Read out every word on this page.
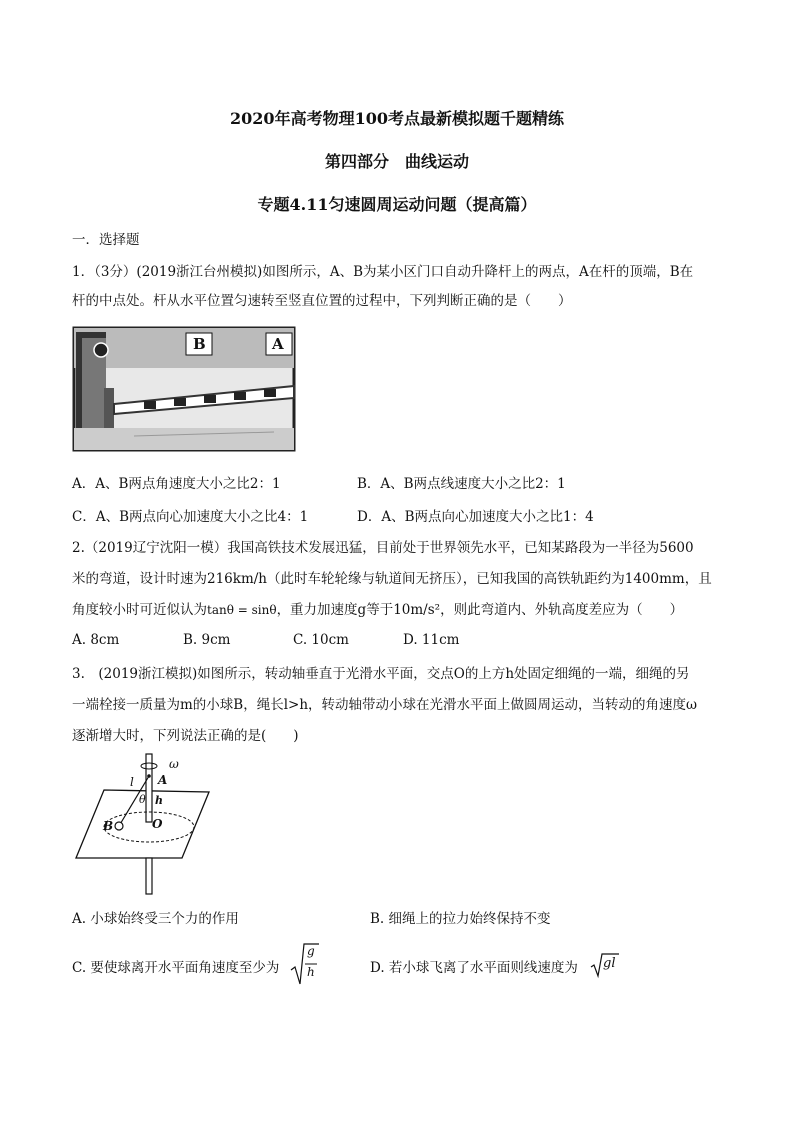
2020年高考物理100考点最新模拟题千题精练
第四部分　曲线运动
专题4.11匀速圆周运动问题（提高篇）
一．选择题
1．（3分）(2019浙江台州模拟)如图所示，A、B为某小区门口自动升降杆上的两点，A在杆的顶端，B在
杆的中点处。杆从水平位置匀速转至竖直位置的过程中，下列判断正确的是（　　）
B	A
A．A、B两点角速度大小之比2：1	B．A、B两点线速度大小之比2：1
C．A、B两点向心加速度大小之比4：1	D．A、B两点向心加速度大小之比1：4
2.（2019辽宁沈阳一模）我国高铁技术发展迅猛，目前处于世界领先水平，已知某路段为一半径为5600
米的弯道，设计时速为216km/h（此时车轮轮缘与轨道间无挤压），已知我国的高铁轨距约为1400mm，且
角度较小时可近似认为tanθ = sinθ，重力加速度g等于10m/s²，则此弯道内、外轨高度差应为（　　）
A. 8cm	B. 9cm	C. 10cm	D. 11cm
3.　(2019浙江模拟)如图所示，转动轴垂直于光滑水平面，交点O的上方h处固定细绳的一端，细绳的另
一端栓接一质量为m的小球B，绳长l>h，转动轴带动小球在光滑水平面上做圆周运动，当转动的角速度ω
逐渐增大时，下列说法正确的是(　　)
ω
l A
θ h
B	O
A. 小球始终受三个力的作用	B. 细绳上的拉力始终保持不变
C. 要使球离开水平面角速度至少为
g
h	D. 若小球飞离了水平面则线速度为 gl
